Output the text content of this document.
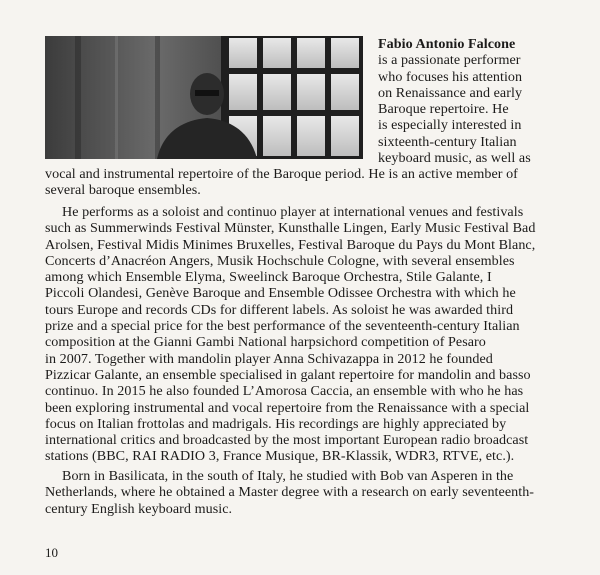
Fabio Antonio Falcone
is a passionate performer
who focuses his attention
on Renaissance and early
Baroque repertoire. He
is especially interested in
sixteenth-century Italian
keyboard music, as well as
vocal and instrumental repertoire of the Baroque period. He is an active member of
several baroque ensembles.
He performs as a soloist and continuo player at international venues and festivals
such as Summerwinds Festival Münster, Kunsthalle Lingen, Early Music Festival Bad
Arolsen, Festival Midis Minimes Bruxelles, Festival Baroque du Pays du Mont Blanc,
Concerts d’Anacréon Angers, Musik Hochschule Cologne, with several ensembles
among which Ensemble Elyma, Sweelinck Baroque Orchestra, Stile Galante, I
Piccoli Olandesi, Genève Baroque and Ensemble Odissee Orchestra with which he
tours Europe and records CDs for different labels. As soloist he was awarded third
prize and a special price for the best performance of the seventeenth-century Italian
composition at the Gianni Gambi National harpsichord competition of Pesaro
in 2007. Together with mandolin player Anna Schivazappa in 2012 he founded
Pizzicar Galante, an ensemble specialised in galant repertoire for mandolin and basso
continuo. In 2015 he also founded L’Amorosa Caccia, an ensemble with who he has
been exploring instrumental and vocal repertoire from the Renaissance with a special
focus on Italian frottolas and madrigals. His recordings are highly appreciated by
international critics and broadcasted by the most important European radio broadcast
stations (BBC, RAI RADIO 3, France Musique, BR-Klassik, WDR3, RTVE, etc.).
Born in Basilicata, in the south of Italy, he studied with Bob van Asperen in the
Netherlands, where he obtained a Master degree with a research on early seventeenth-
century English keyboard music.
10
